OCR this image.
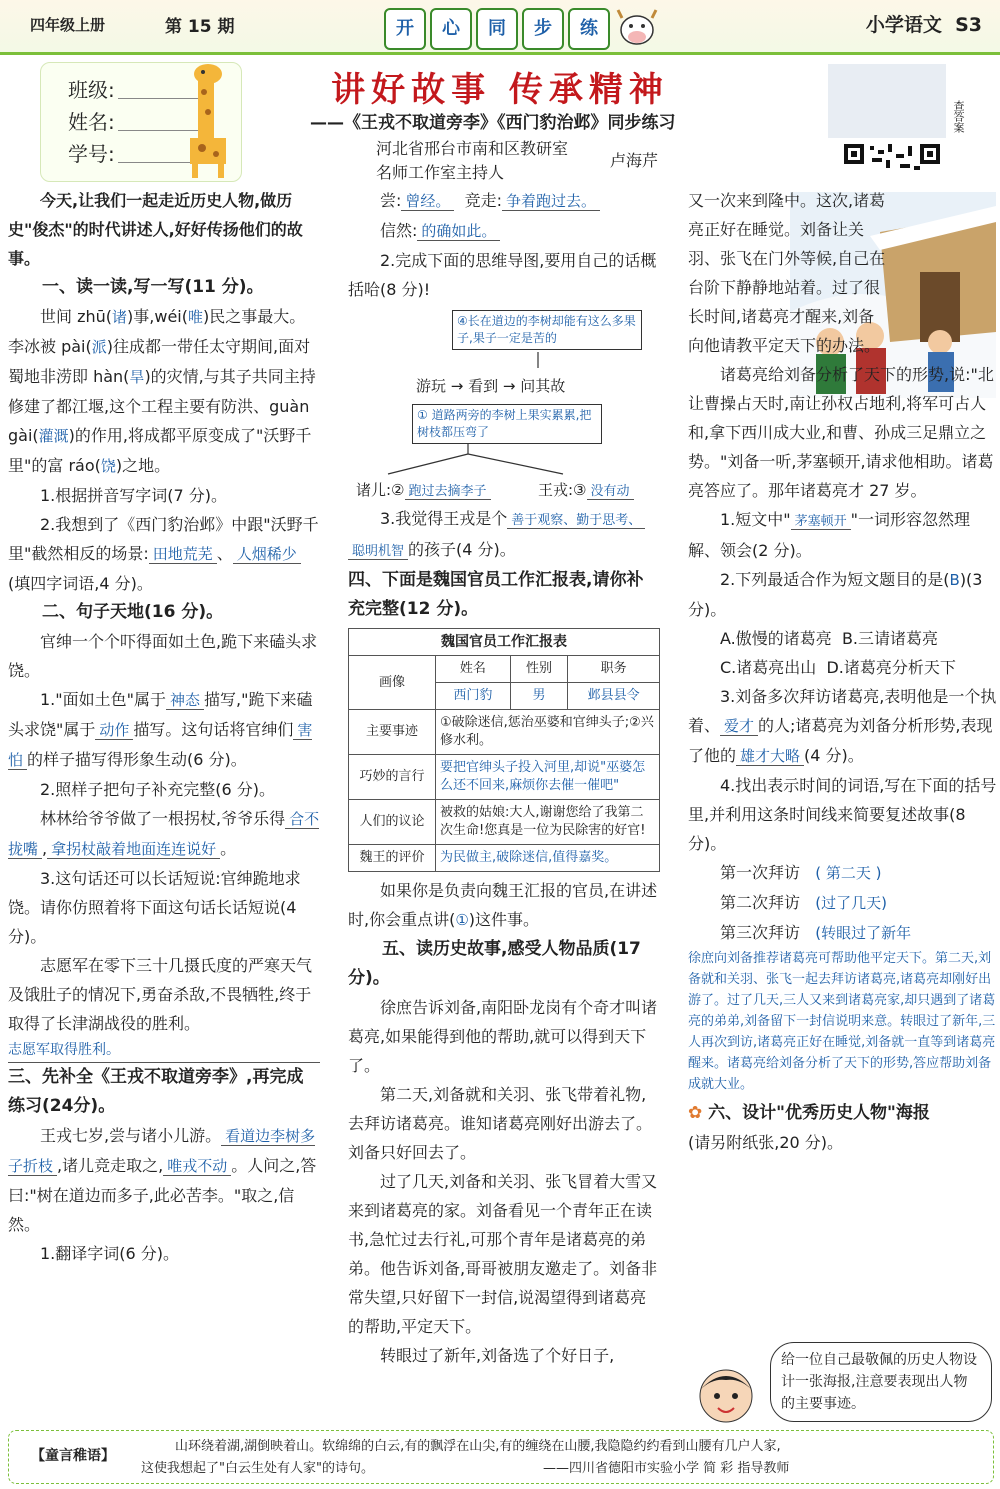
四年级上册	第 15 期	开	心	同	步	练	小学语文 S3
班级:
姓名:
学号:
讲好故事 传承精神
——《王戎不取道旁李》《西门豹治邺》同步练习
河北省邢台市南和区教研室
名师工作室主持人
卢海芹
查答案

今天,让我们一起走近历史人物,做历史"俊杰"的时代讲述人,好好传扬他们的故事。

一、读一读,写一写(11 分)。

世间 zhū(诸)事,wéi(唯)民之事最大。李冰被 pài(派)往成都一带任太守期间,面对蜀地非涝即 hàn(旱)的灾情,与其子共同主持修建了都江堰,这个工程主要有防洪、guàn gài(灌溉)的作用,将成都平原变成了"沃野千里"的富 ráo(饶)之地。

1.根据拼音写字词(7 分)。

2.我想到了《西门豹治邺》中跟"沃野千里"截然相反的场景: 田地荒芜 、 人烟稀少(填四字词语,4 分)。

二、句子天地(16 分)。

官绅一个个吓得面如土色,跪下来磕头求饶。

1."面如土色"属于 神态 描写,"跪下来磕头求饶"属于 动作 描写。这句话将官绅们 害怕 的样子描写得形象生动(6 分)。

2.照样子把句子补充完整(6 分)。

林林给爷爷做了一根拐杖,爷爷乐得 合不拢嘴 , 拿拐杖敲着地面连连说好 。

3.这句话还可以长话短说:官绅跪地求饶。请你仿照着将下面这句话长话短说(4 分)。

志愿军在零下三十几摄氏度的严寒天气及饿肚子的情况下,勇奋杀敌,不畏牺牲,终于取得了长津湖战役的胜利。

志愿军取得胜利。

三、先补全《王戎不取道旁李》,再完成练习(24分)。

王戎七岁,尝与诸小儿游。 看道边李树多子折枝 ,诸儿竞走取之, 唯戎不动 。人问之,答曰:"树在道边而多子,此必苦李。"取之,信然。

1.翻译字词(6 分)。

尝: 曾经。 竞走: 争着跑过去。

信然: 的确如此。

2.完成下面的思维导图,要用自己的话概括哈(8 分)!

④长在道边的李树却能有这么多果子,果子一定是苦的
游玩 → 看到 → 问其故
① 道路两旁的李树上果实累累,把树枝都压弯了
诸儿:② 跑过去摘李子	王戎:③ 没有动

3.我觉得王戎是个 善于观察、勤于思考、聪明机智 的孩子(4 分)。

四、下面是魏国官员工作汇报表,请你补充完整(12 分)。

魏国官员工作汇报表			
画像	姓名	性别	职务
	西门豹	男	邺县县令
主要事迹	①破除迷信,惩治巫婆和官绅头子;②兴修水利。		
巧妙的言行	要把官绅头子投入河里,却说"巫婆怎么还不回来,麻烦你去催一催吧"		
人们的议论	被救的姑娘:大人,谢谢您给了我第二次生命!您真是一位为民除害的好官!		
魏王的评价	为民做主,破除迷信,值得嘉奖。		

如果你是负责向魏王汇报的官员,在讲述时,你会重点讲(①)这件事。

五、读历史故事,感受人物品质(17 分)。

徐庶告诉刘备,南阳卧龙岗有个奇才叫诸葛亮,如果能得到他的帮助,就可以得到天下了。

第二天,刘备就和关羽、张飞带着礼物,去拜访诸葛亮。谁知诸葛亮刚好出游去了。刘备只好回去了。

过了几天,刘备和关羽、张飞冒着大雪又来到诸葛亮的家。刘备看见一个青年正在读书,急忙过去行礼,可那个青年是诸葛亮的弟弟。他告诉刘备,哥哥被朋友邀走了。刘备非常失望,只好留下一封信,说渴望得到诸葛亮的帮助,平定天下。

转眼过了新年,刘备选了个好日子,

又一次来到隆中。这次,诸葛亮正好在睡觉。刘备让关羽、张飞在门外等候,自己在台阶下静静地站着。过了很长时间,诸葛亮才醒来,刘备向他请教平定天下的办法。

诸葛亮给刘备分析了天下的形势,说:"北让曹操占天时,南让孙权占地利,将军可占人和,拿下西川成大业,和曹、孙成三足鼎立之势。"刘备一听,茅塞顿开,请求他相助。诸葛亮答应了。那年诸葛亮才 27 岁。

1.短文中" 茅塞顿开 "一词形容忽然理解、领会(2 分)。

2.下列最适合作为短文题目的是(B)(3 分)。

A.傲慢的诸葛亮 B.三请诸葛亮

C.诸葛亮出山 D.诸葛亮分析天下

3.刘备多次拜访诸葛亮,表明他是一个执着、 爱才 的人;诸葛亮为刘备分析形势,表现了他的 雄才大略 (4 分)。

4.找出表示时间的词语,写在下面的括号里,并利用这条时间线来简要复述故事(8 分)。

第一次拜访 ( 第二天 )

第二次拜访 (过了几天)

第三次拜访 (转眼过了新年

徐庶向刘备推荐诸葛亮可帮助他平定天下。第二天,刘备就和关羽、张飞一起去拜访诸葛亮,诸葛亮却刚好出游了。过了几天,三人又来到诸葛亮家,却只遇到了诸葛亮的弟弟,刘备留下一封信说明来意。转眼过了新年,三人再次到访,诸葛亮正好在睡觉,刘备就一直等到诸葛亮醒来。诸葛亮给刘备分析了天下的形势,答应帮助刘备成就大业。

✿ 六、设计"优秀历史人物"海报

(请另附纸张,20 分)。

给一位自己最敬佩的历史人物设计一张海报,注意要表现出人物的主要事迹。
【童言稚语】
山环绕着湖,湖倒映着山。软绵绵的白云,有的飘浮在山尖,有的缠绕在山腰,我隐隐约约看到山腰有几户人家,
这使我想起了"白云生处有人家"的诗句。	——四川省德阳市实验小学 简 彩 指导教师
